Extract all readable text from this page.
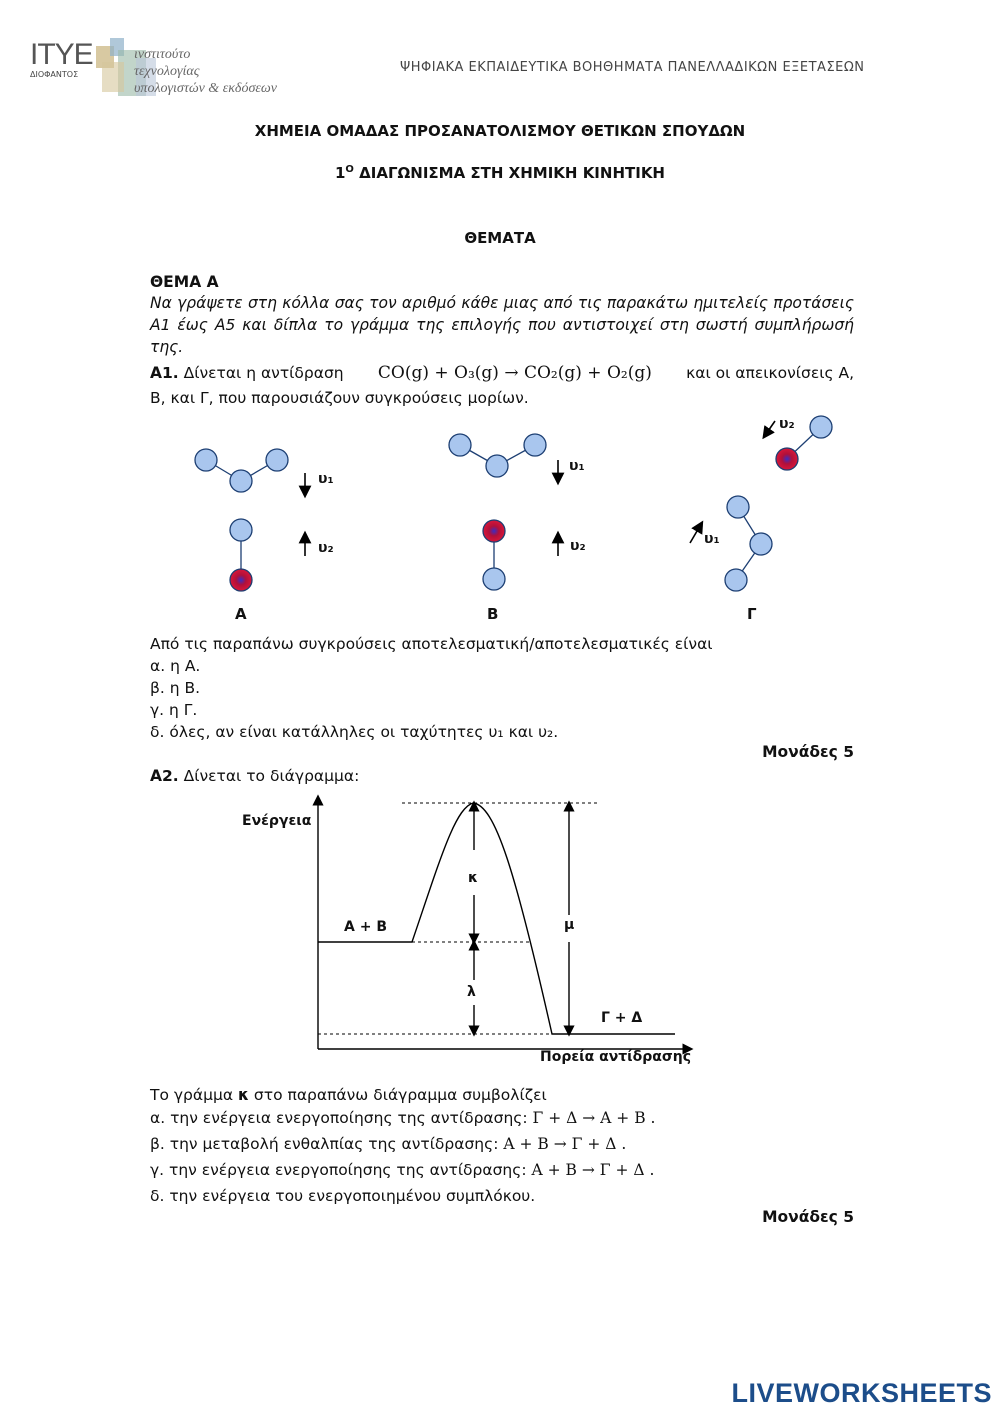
ITYE
ΔΙΟΦΑΝΤΟΣ
ινστιτούτο
τεχνολογίας
υπολογιστών & εκδόσεων
ΨΗΦΙΑΚΑ ΕΚΠΑΙΔΕΥΤΙΚΑ ΒΟΗΘΗΜΑΤΑ ΠΑΝΕΛΛΑΔΙΚΩΝ ΕΞΕΤΑΣΕΩΝ
ΧΗΜΕΙΑ ΟΜΑΔΑΣ ΠΡΟΣΑΝΑΤΟΛΙΣΜΟΥ ΘΕΤΙΚΩΝ ΣΠΟΥΔΩΝ
$1^O$ ΔΙΑΓΩΝΙΣΜΑ ΣΤΗ ΧΗΜΙΚΗ ΚΙΝΗΤΙΚΗ
ΘΕΜΑΤΑ
ΘΕΜΑ Α
Να γράψετε στη κόλλα σας τον αριθμό κάθε μιας από τις παρακάτω ημιτελείς προτάσεις Α1 έως Α5 και δίπλα το γράμμα της επιλογής που αντιστοιχεί στη σωστή συμπλήρωσή της.
Α1. Δίνεται η αντίδραση CO(g) + O₃(g) → CO₂(g) + O₂(g) και οι απεικονίσεις Α,
Β, και Γ, που παρουσιάζουν συγκρούσεις μορίων.
υ₁
υ₂
υ₁
υ₂
υ₂
υ₁
Α	Β	Γ
Από τις παραπάνω συγκρούσεις αποτελεσματική/αποτελεσματικές είναι
α. η Α.
β. η Β.
γ. η Γ.
δ. όλες, αν είναι κατάλληλες οι ταχύτητες υ₁ και υ₂.
Μονάδες 5
Α2. Δίνεται το διάγραμμα:
Ενέργεια
Πορεία αντίδρασης
Α + Β
Γ + Δ
κ
λ
μ
Το γράμμα κ στο παραπάνω διάγραμμα συμβολίζει
α. την ενέργεια ενεργοποίησης της αντίδρασης: Γ + Δ → Α + Β .
β. την μεταβολή ενθαλπίας της αντίδρασης: Α + Β → Γ + Δ .
γ. την ενέργεια ενεργοποίησης της αντίδρασης: Α + Β → Γ + Δ .
δ. την ενέργεια του ενεργοποιημένου συμπλόκου.
Μονάδες 5
LIVEWORKSHEETS
